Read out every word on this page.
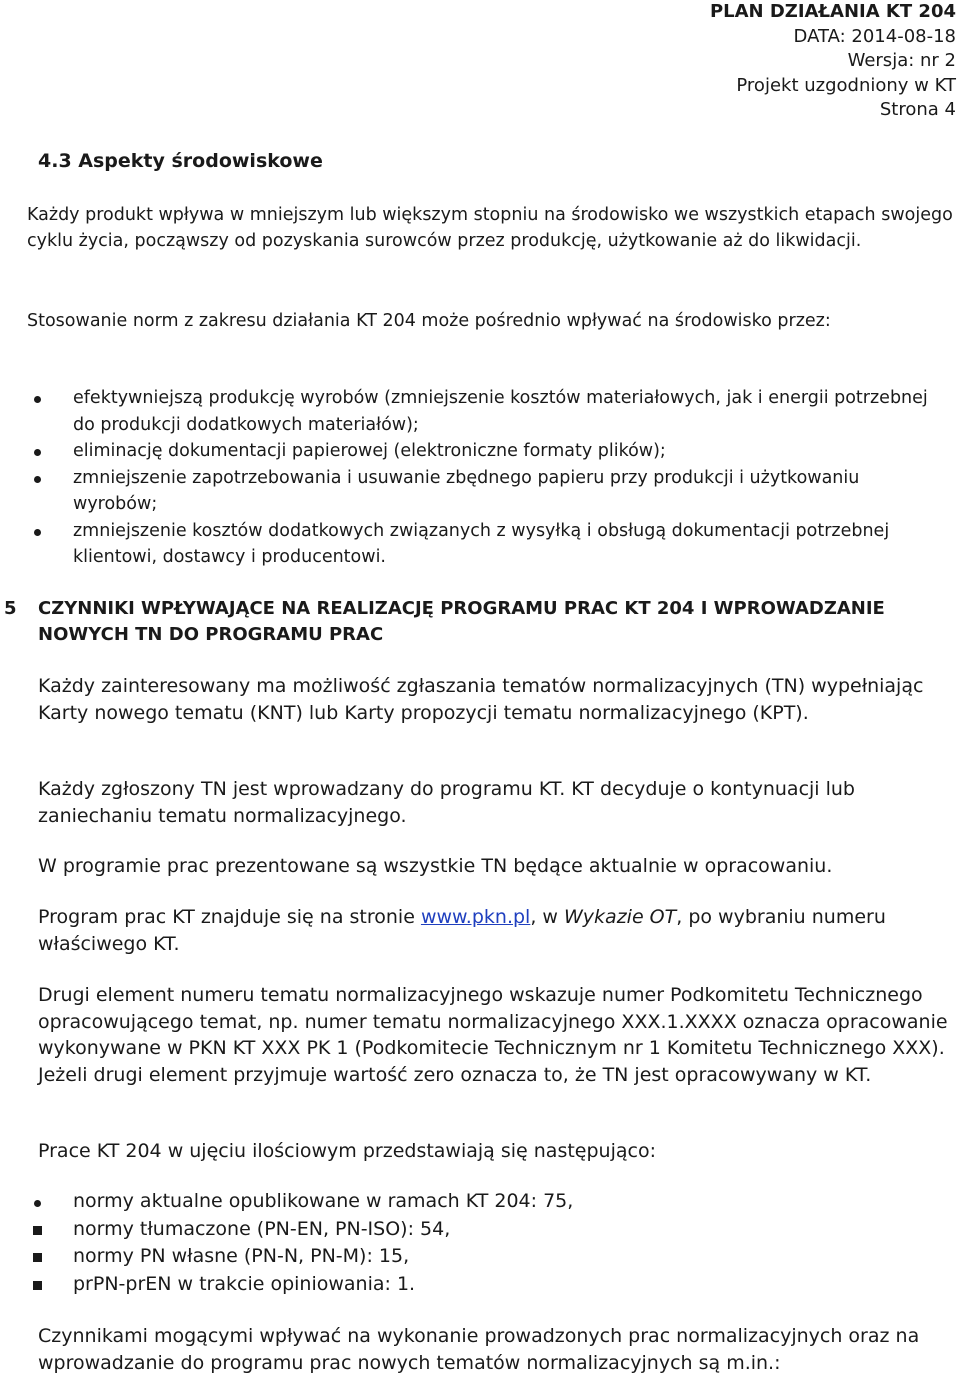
PLAN DZIAŁANIA KT 204
DATA: 2014-08-18
Wersja: nr 2
Projekt uzgodniony w KT
Strona 4
4.3 Aspekty środowiskowe

Każdy produkt wpływa w mniejszym lub większym stopniu na środowisko we wszystkich etapach swojego cyklu życia, począwszy od pozyskania surowców przez produkcję, użytkowanie aż do likwidacji.

Stosowanie norm z zakresu działania KT 204 może pośrednio wpływać na środowisko przez:

efektywniejszą produkcję wyrobów (zmniejszenie kosztów materiałowych, jak i energii potrzebnej do produkcji dodatkowych materiałów);
eliminację dokumentacji papierowej (elektroniczne formaty plików);
zmniejszenie zapotrzebowania i usuwanie zbędnego papieru przy produkcji i użytkowaniu wyrobów;
zmniejszenie kosztów dodatkowych związanych z wysyłką i obsługą dokumentacji potrzebnej klientowi, dostawcy i producentowi.
5 CZYNNIKI WPŁYWAJĄCE NA REALIZACJĘ PROGRAMU PRAC KT 204 I WPROWADZANIE NOWYCH TN DO PROGRAMU PRAC

Każdy zainteresowany ma możliwość zgłaszania tematów normalizacyjnych (TN) wypełniając Karty nowego tematu (KNT) lub Karty propozycji tematu normalizacyjnego (KPT).

Każdy zgłoszony TN jest wprowadzany do programu KT. KT decyduje o kontynuacji lub zaniechaniu tematu normalizacyjnego.

W programie prac prezentowane są wszystkie TN będące aktualnie w opracowaniu.

Program prac KT znajduje się na stronie www.pkn.pl, w Wykazie OT, po wybraniu numeru właściwego KT.

Drugi element numeru tematu normalizacyjnego wskazuje numer Podkomitetu Technicznego opracowującego temat, np. numer tematu normalizacyjnego XXX.1.XXXX oznacza opracowanie wykonywane w PKN KT XXX PK 1 (Podkomitecie Technicznym nr 1 Komitetu Technicznego XXX). Jeżeli drugi element przyjmuje wartość zero oznacza to, że TN jest opracowywany w KT.

Prace KT 204 w ujęciu ilościowym przedstawiają się następująco:

normy aktualne opublikowane w ramach KT 204: 75,
normy tłumaczone (PN-EN, PN-ISO): 54,
normy PN własne (PN-N, PN-M): 15,
prPN-prEN w trakcie opiniowania: 1.

Czynnikami mogącymi wpływać na wykonanie prowadzonych prac normalizacyjnych oraz na wprowadzanie do programu prac nowych tematów normalizacyjnych są m.in.:
